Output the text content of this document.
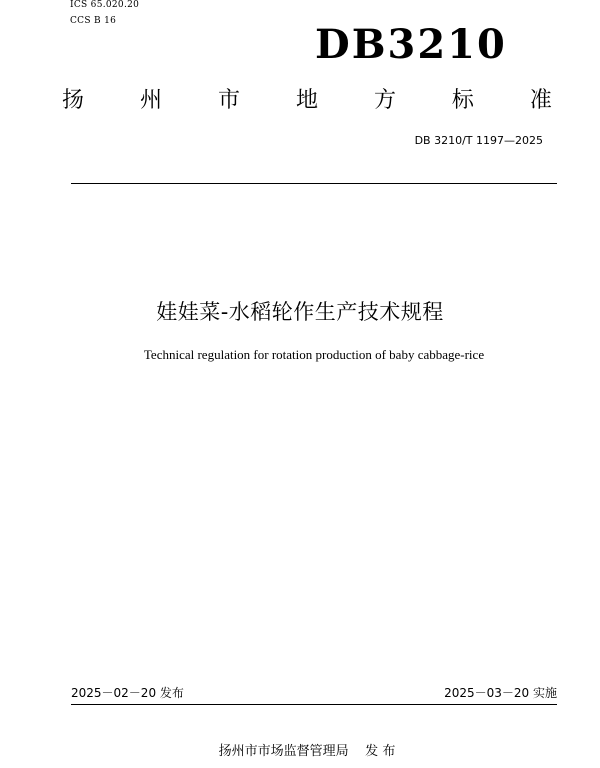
ICS 65.020.20
CCS B 16	DB3210
扬	州	市	地	方	标	准
DB 3210/T 1197—2025
娃娃菜-水稻轮作生产技术规程
Technical regulation for rotation production of baby cabbage-rice
2025－02－20 发布	2025－03－20 实施
扬州市市场监督管理局    发 布
